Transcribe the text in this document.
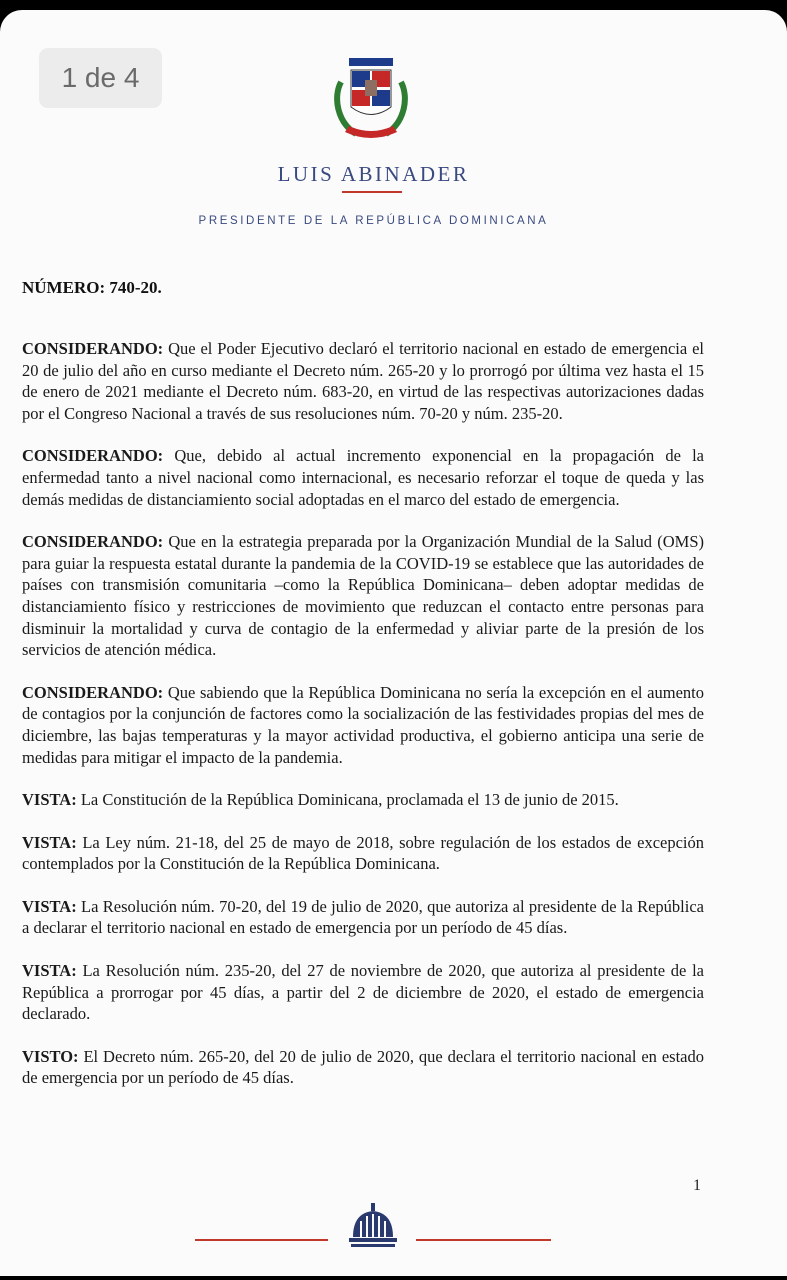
1 de 4
LUIS ABINADER
PRESIDENTE DE LA REPÚBLICA DOMINICANA
NÚMERO: 740-20.

CONSIDERANDO: Que el Poder Ejecutivo declaró el territorio nacional en estado de emergencia el 20 de julio del año en curso mediante el Decreto núm. 265-20 y lo prorrogó por última vez hasta el 15 de enero de 2021 mediante el Decreto núm. 683-20, en virtud de las respectivas autorizaciones dadas por el Congreso Nacional a través de sus resoluciones núm. 70-20 y núm. 235-20.

CONSIDERANDO: Que, debido al actual incremento exponencial en la propagación de la enfermedad tanto a nivel nacional como internacional, es necesario reforzar el toque de queda y las demás medidas de distanciamiento social adoptadas en el marco del estado de emergencia.

CONSIDERANDO: Que en la estrategia preparada por la Organización Mundial de la Salud (OMS) para guiar la respuesta estatal durante la pandemia de la COVID-19 se establece que las autoridades de países con transmisión comunitaria –como la República Dominicana– deben adoptar medidas de distanciamiento físico y restricciones de movimiento que reduzcan el contacto entre personas para disminuir la mortalidad y curva de contagio de la enfermedad y aliviar parte de la presión de los servicios de atención médica.

CONSIDERANDO: Que sabiendo que la República Dominicana no sería la excepción en el aumento de contagios por la conjunción de factores como la socialización de las festividades propias del mes de diciembre, las bajas temperaturas y la mayor actividad productiva, el gobierno anticipa una serie de medidas para mitigar el impacto de la pandemia.

VISTA: La Constitución de la República Dominicana, proclamada el 13 de junio de 2015.

VISTA: La Ley núm. 21-18, del 25 de mayo de 2018, sobre regulación de los estados de excepción contemplados por la Constitución de la República Dominicana.

VISTA: La Resolución núm. 70-20, del 19 de julio de 2020, que autoriza al presidente de la República a declarar el territorio nacional en estado de emergencia por un período de 45 días.

VISTA: La Resolución núm. 235-20, del 27 de noviembre de 2020, que autoriza al presidente de la República a prorrogar por 45 días, a partir del 2 de diciembre de 2020, el estado de emergencia declarado.

VISTO: El Decreto núm. 265-20, del 20 de julio de 2020, que declara el territorio nacional en estado de emergencia por un período de 45 días.

1
